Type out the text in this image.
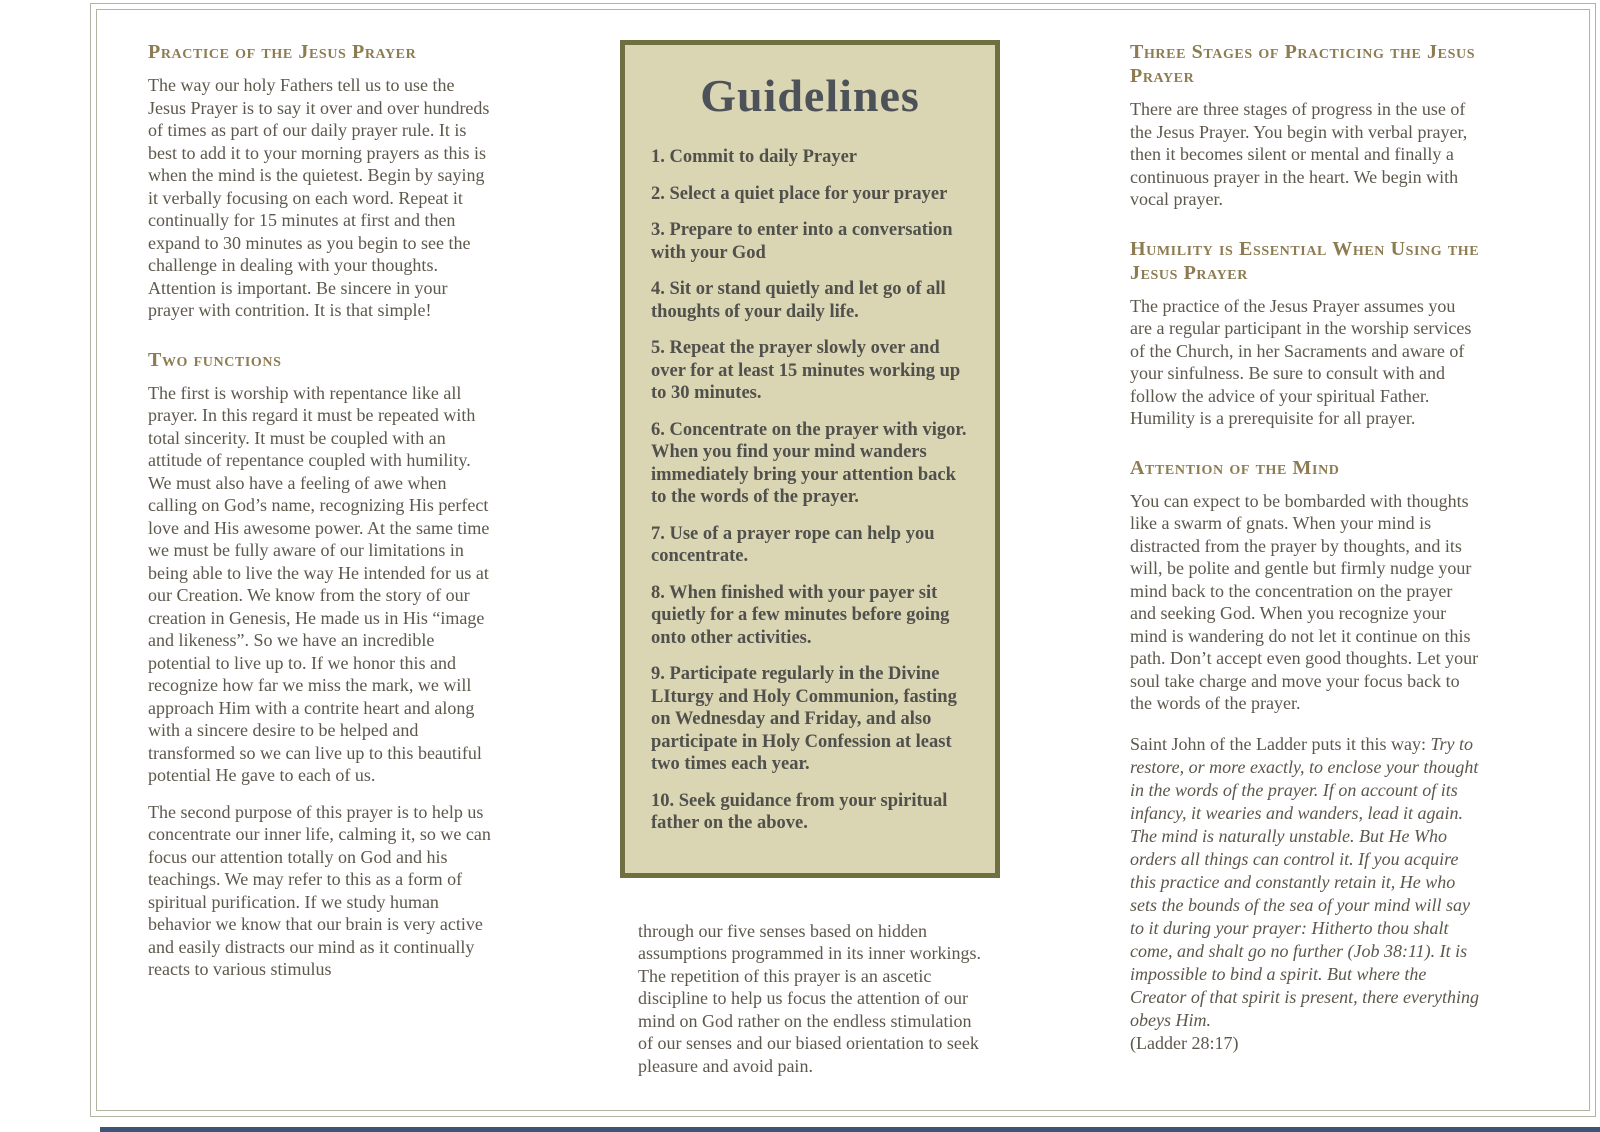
Practice of the Jesus Prayer

The way our holy Fathers tell us to use the Jesus Prayer is to say it over and over hundreds of times as part of our daily prayer rule. It is best to add it to your morning prayers as this is when the mind is the quietest. Begin by saying it verbally focusing on each word. Repeat it continually for 15 minutes at first and then expand to 30 minutes as you begin to see the challenge in dealing with your thoughts. Attention is important. Be sincere in your prayer with contrition. It is that simple!

Two functions

The first is worship with repentance like all prayer. In this regard it must be repeated with total sincerity. It must be coupled with an attitude of repentance coupled with humility. We must also have a feeling of awe when calling on God’s name, recognizing His perfect love and His awesome power. At the same time we must be fully aware of our limitations in being able to live the way He intended for us at our Creation. We know from the story of our creation in Genesis, He made us in His “image and likeness”. So we have an incredible potential to live up to. If we honor this and recognize how far we miss the mark, we will approach Him with a contrite heart and along with a sincere desire to be helped and transformed so we can live up to this beautiful potential He gave to each of us.

The second purpose of this prayer is to help us concentrate our inner life, calming it, so we can focus our attention totally on God and his teachings. We may refer to this as a form of spiritual purification. If we study human behavior we know that our brain is very active and easily distracts our mind as it continually reacts to various stimulus

Guidelines

1. Commit to daily Prayer

2. Select a quiet place for your prayer

3. Prepare to enter into a conversation with your God

4. Sit or stand quietly and let go of all thoughts of your daily life.

5. Repeat the prayer slowly over and over for at least 15 minutes working up to 30 minutes.

6. Concentrate on the prayer with vigor. When you find your mind wanders immediately bring your attention back to the words of the prayer.

7. Use of a prayer rope can help you concentrate.

8. When finished with your payer sit quietly for a few minutes before going onto other activities.

9. Participate regularly in the Divine LIturgy and Holy Communion, fasting on Wednesday and Friday, and also participate in Holy Confession at least two times each year.

10. Seek guidance from your spiritual father on the above.

through our five senses based on hidden assumptions programmed in its inner workings. The repetition of this prayer is an ascetic discipline to help us focus the attention of our mind on God rather on the endless stimulation of our senses and our biased orientation to seek pleasure and avoid pain.

Three Stages of Practicing the Jesus Prayer

There are three stages of progress in the use of the Jesus Prayer. You begin with verbal prayer, then it becomes silent or mental and finally a continuous prayer in the heart. We begin with vocal prayer.

Humility is Essential When Using the Jesus Prayer

The practice of the Jesus Prayer assumes you are a regular participant in the worship services of the Church, in her Sacraments and aware of your sinfulness. Be sure to consult with and follow the advice of your spiritual Father. Humility is a prerequisite for all prayer.

Attention of the Mind

You can expect to be bombarded with thoughts like a swarm of gnats. When your mind is distracted from the prayer by thoughts, and its will, be polite and gentle but firmly nudge your mind back to the concentration on the prayer and seeking God. When you recognize your mind is wandering do not let it continue on this path. Don’t accept even good thoughts. Let your soul take charge and move your focus back to the words of the prayer.

Saint John of the Ladder puts it this way: Try to restore, or more exactly, to enclose your thought in the words of the prayer. If on account of its infancy, it wearies and wanders, lead it again. The mind is naturally unstable. But He Who orders all things can control it. If you acquire this practice and constantly retain it, He who sets the bounds of the sea of your mind will say to it during your prayer: Hitherto thou shalt come, and shalt go no further (Job 38:11). It is impossible to bind a spirit. But where the Creator of that spirit is present, there everything obeys Him.
(Ladder 28:17)
